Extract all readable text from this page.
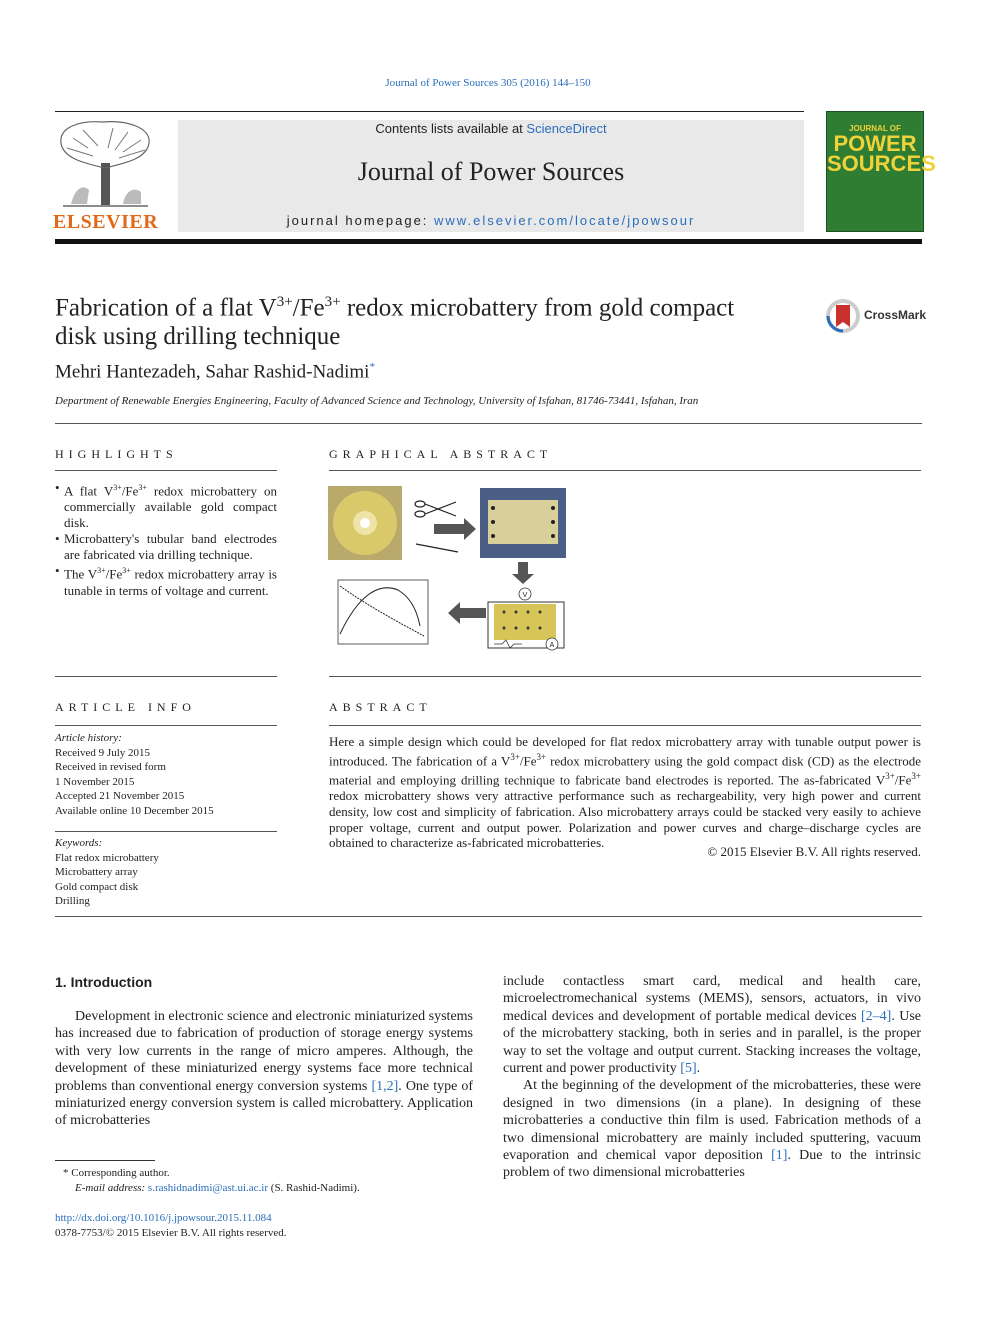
Journal of Power Sources 305 (2016) 144–150
ELSEVIER
Contents lists available at ScienceDirect
Journal of Power Sources
journal homepage: www.elsevier.com/locate/jpowsour
JOURNAL OF
POWER SOURCES
Fabrication of a flat $V^{3+}/Fe^{3+}$ redox microbattery from gold compact
disk using drilling technique
CrossMark
Mehri Hantezadeh, Sahar Rashid-Nadimi*
Department of Renewable Energies Engineering, Faculty of Advanced Science and Technology, University of Isfahan, 81746-73441, Isfahan, Iran
HIGHLIGHTS
• A flat $V^{3+}/Fe^{3+}$ redox microbattery on commercially available gold compact disk.
• Microbattery's tubular band electrodes are fabricated via drilling technique.
• The $V^{3+}/Fe^{3+}$ redox microbattery array is tunable in terms of voltage and current.
GRAPHICAL ABSTRACT
V
A
ARTICLE INFO
Article history:
Received 9 July 2015
Received in revised form
1 November 2015
Accepted 21 November 2015
Available online 10 December 2015
Keywords:
Flat redox microbattery
Microbattery array
Gold compact disk
Drilling
ABSTRACT
Here a simple design which could be developed for flat redox microbattery array with tunable output power is introduced. The fabrication of a $V^{3+}/Fe^{3+}$ redox microbattery using the gold compact disk (CD) as the electrode material and employing drilling technique to fabricate band electrodes is reported. The as-fabricated $V^{3+}/Fe^{3+}$ redox microbattery shows very attractive performance such as rechargeability, very high power and current density, low cost and simplicity of fabrication. Also microbattery arrays could be stacked very easily to achieve proper voltage, current and output power. Polarization and power curves and charge–discharge cycles are obtained to characterize as-fabricated microbatteries.
© 2015 Elsevier B.V. All rights reserved.
1. Introduction

Development in electronic science and electronic miniaturized systems has increased due to fabrication of production of storage energy systems with very low currents in the range of micro amperes. Although, the development of these miniaturized energy systems face more technical problems than conventional energy conversion systems [1,2]. One type of miniaturized energy conversion system is called microbattery. Application of microbatteries

include contactless smart card, medical and health care, microelectromechanical systems (MEMS), sensors, actuators, in vivo medical devices and development of portable medical devices [2–4]. Use of the microbattery stacking, both in series and in parallel, is the proper way to set the voltage and output current. Stacking increases the voltage, current and power productivity [5].

At the beginning of the development of the microbatteries, these were designed in two dimensions (in a plane). In designing of these microbatteries a conductive thin film is used. Fabrication methods of a two dimensional microbattery are mainly included sputtering, vacuum evaporation and chemical vapor deposition [1]. Due to the intrinsic problem of two dimensional microbatteries

* Corresponding author.
E-mail address: s.rashidnadimi@ast.ui.ac.ir (S. Rashid-Nadimi).
http://dx.doi.org/10.1016/j.jpowsour.2015.11.084
0378-7753/© 2015 Elsevier B.V. All rights reserved.
